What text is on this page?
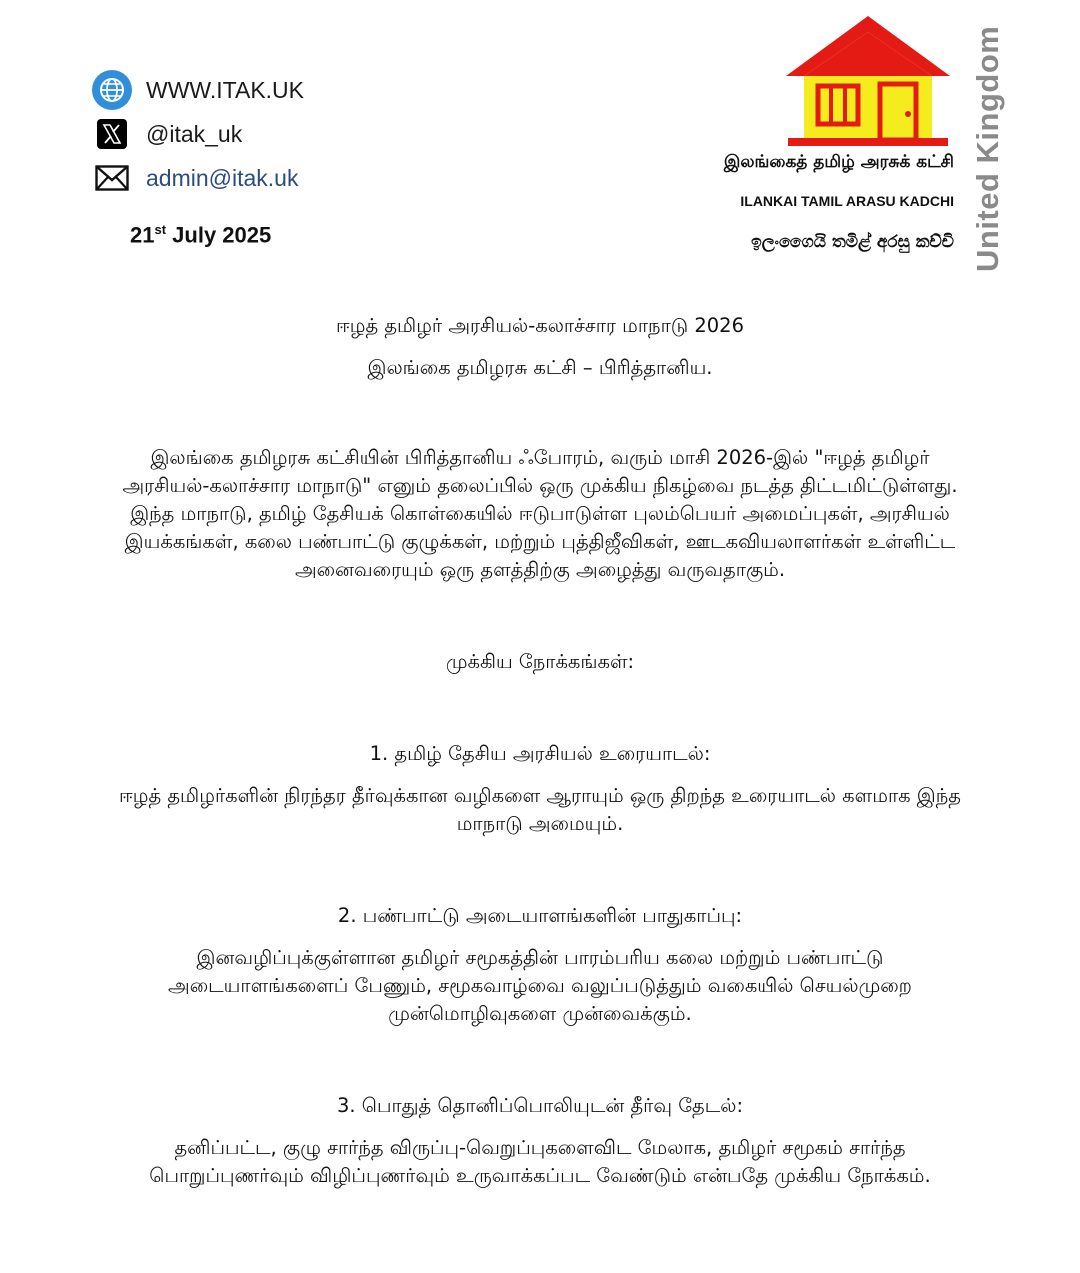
WWW.ITAK.UK
@itak_uk
admin@itak.uk
21st July 2025
இலங்கைத் தமிழ் அரசுக் கட்சி
ILANKAI TAMIL ARASU KADCHI
ඉලංගෛයි තමිළ් අරසු කච්චි United Kingdom

ஈழத் தமிழர் அரசியல்-கலாச்சார மாநாடு 2026

இலங்கை தமிழரசு கட்சி – பிரித்தானிய.

இலங்கை தமிழரசு கட்சியின் பிரித்தானிய ஃபோரம், வரும் மாசி 2026-இல் "ஈழத் தமிழர் அரசியல்-கலாச்சார மாநாடு" எனும் தலைப்பில் ஒரு முக்கிய நிகழ்வை நடத்த திட்டமிட்டுள்ளது. இந்த மாநாடு, தமிழ் தேசியக் கொள்கையில் ஈடுபாடுள்ள புலம்பெயர் அமைப்புகள், அரசியல் இயக்கங்கள், கலை பண்பாட்டு குழுக்கள், மற்றும் புத்திஜீவிகள், ஊடகவியலாளர்கள் உள்ளிட்ட அனைவரையும் ஒரு தளத்திற்கு அழைத்து வருவதாகும்.

முக்கிய நோக்கங்கள்:

1. தமிழ் தேசிய அரசியல் உரையாடல்:

ஈழத் தமிழர்களின் நிரந்தர தீர்வுக்கான வழிகளை ஆராயும் ஒரு திறந்த உரையாடல் களமாக இந்த மாநாடு அமையும்.

2. பண்பாட்டு அடையாளங்களின் பாதுகாப்பு:

இனவழிப்புக்குள்ளான தமிழர் சமூகத்தின் பாரம்பரிய கலை மற்றும் பண்பாட்டு அடையாளங்களைப் பேணும், சமூகவாழ்வை வலுப்படுத்தும் வகையில் செயல்முறை முன்மொழிவுகளை முன்வைக்கும்.

3. பொதுத் தொனிப்பொலியுடன் தீர்வு தேடல்:

தனிப்பட்ட, குழு சார்ந்த விருப்பு-வெறுப்புகளைவிட மேலாக, தமிழர் சமூகம் சார்ந்த பொறுப்புணர்வும் விழிப்புணர்வும் உருவாக்கப்பட வேண்டும் என்பதே முக்கிய நோக்கம்.
